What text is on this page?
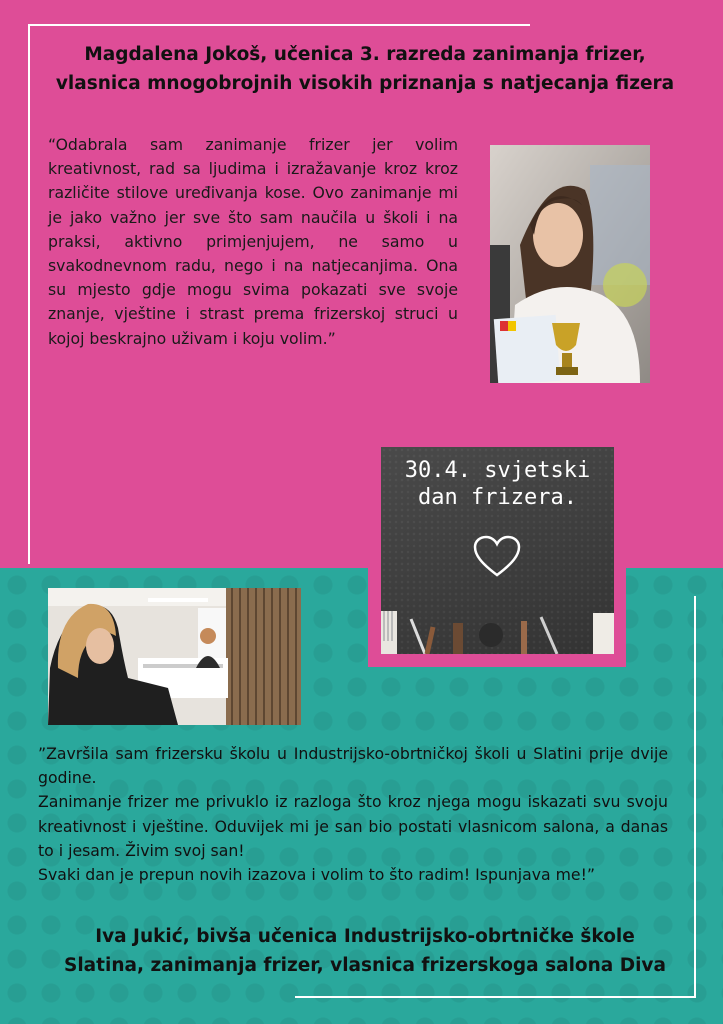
Magdalena Jokoš, učenica 3. razreda zanimanja frizer,
vlasnica mnogobrojnih visokih priznanja s natjecanja fizera
“Odabrala sam zanimanje frizer jer volim kreativnost, rad sa ljudima i izražavanje kroz kroz različite stilove uređivanja kose. Ovo zanimanje mi je jako važno jer sve što sam naučila u školi i na praksi, aktivno primjenjujem, ne samo u svakodnevnom radu, nego i na natjecanjima. Ona su mjesto gdje mogu svima pokazati sve svoje znanje, vještine i strast prema frizerskoj struci u kojoj beskrajno uživam i koju volim.”
30.4. svjetski
dan frizera.

”Završila sam frizersku školu u Industrijsko-obrtničkoj školi u Slatini prije dvije godine.

Zanimanje frizer me privuklo iz razloga što kroz njega mogu iskazati svu svoju kreativnost i vještine. Oduvijek mi je san bio postati vlasnicom salona, a danas to i jesam. Živim svoj san!

Svaki dan je prepun novih izazova i volim to što radim! Ispunjava me!”

Iva Jukić, bivša učenica Industrijsko-obrtničke škole
Slatina, zanimanja frizer, vlasnica frizerskoga salona Diva
